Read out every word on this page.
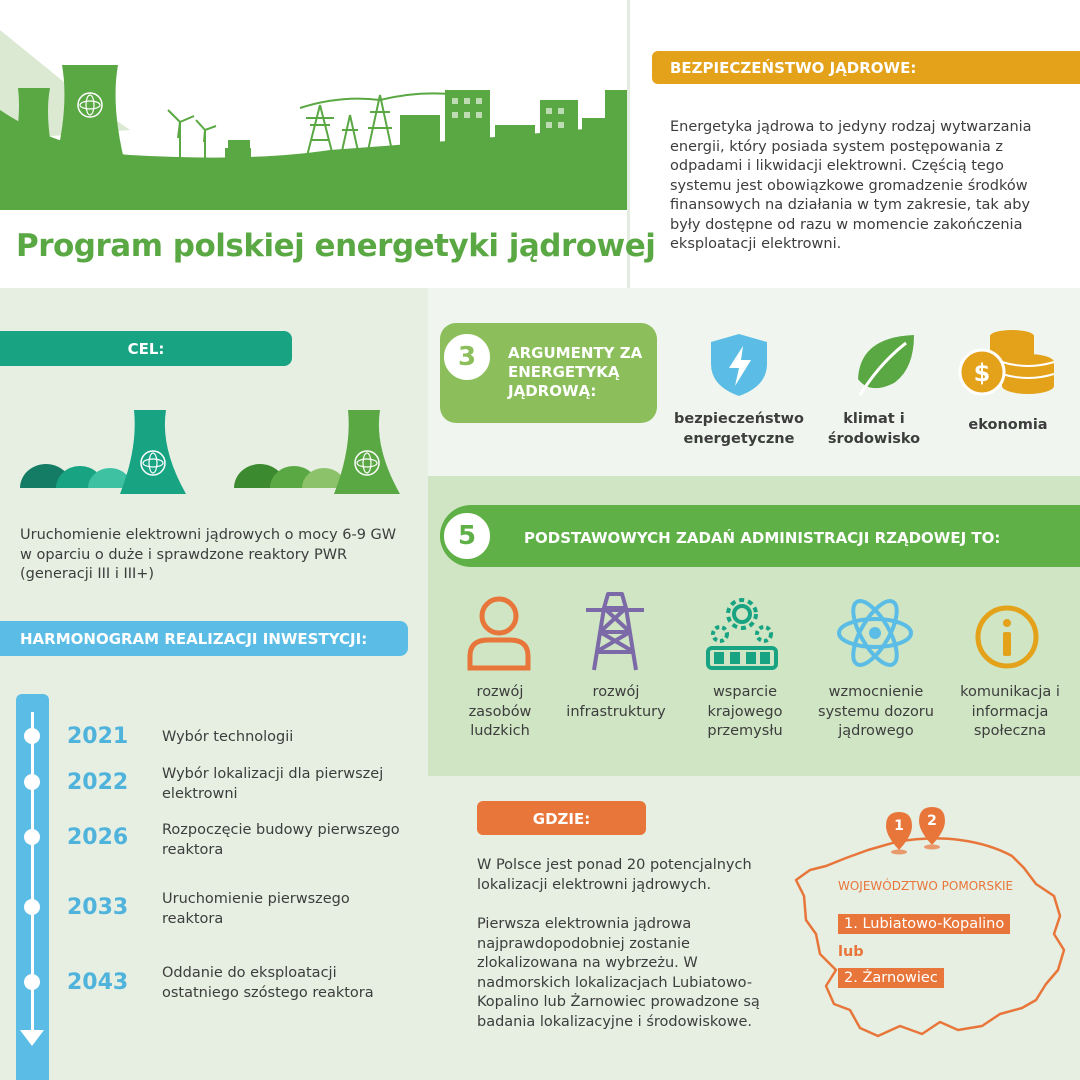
Program polskiej energetyki jądrowej
BEZPIECZEŃSTWO JĄDROWE:
Energetyka jądrowa to jedyny rodzaj wytwarzania energii, który posiada system postępowania z odpadami i likwidacji elektrowni. Częścią tego systemu jest obowiązkowe gromadzenie środków finansowych na działania w tym zakresie, tak aby były dostępne od razu w momencie zakończenia eksploatacji elektrowni.
CEL:
Uruchomienie elektrowni jądrowych o mocy 6-9 GW w oparciu o duże i sprawdzone reaktory PWR (generacji III i III+)
HARMONOGRAM REALIZACJI INWESTYCJI:
2021 Wybór technologii
2022 Wybór lokalizacji dla pierwszej elektrowni
2026 Rozpoczęcie budowy pierwszego reaktora
2033 Uruchomienie pierwszego reaktora
2043 Oddanie do eksploatacji ostatniego szóstego reaktora
3	ARGUMENTY ZA ENERGETYKĄ JĄDROWĄ:
bezpieczeństwo energetyczne
klimat i środowisko
$
ekonomia
5	PODSTAWOWYCH ZADAŃ ADMINISTRACJI RZĄDOWEJ TO:
rozwój zasobów ludzkich
rozwój infrastruktury
wsparcie krajowego przemysłu
wzmocnienie systemu dozoru jądrowego
komunikacja i informacja społeczna
GDZIE:
W Polsce jest ponad 20 potencjalnych lokalizacji elektrowni jądrowych.
Pierwsza elektrownia jądrowa najprawdopodobniej zostanie zlokalizowana na wybrzeżu. W nadmorskich lokalizacjach Lubiatowo-Kopalino lub Żarnowiec prowadzone są badania lokalizacyjne i środowiskowe.
1	2
WOJEWÓDZTWO POMORSKIE
1. Lubiatowo-Kopalino
lub
2. Żarnowiec
